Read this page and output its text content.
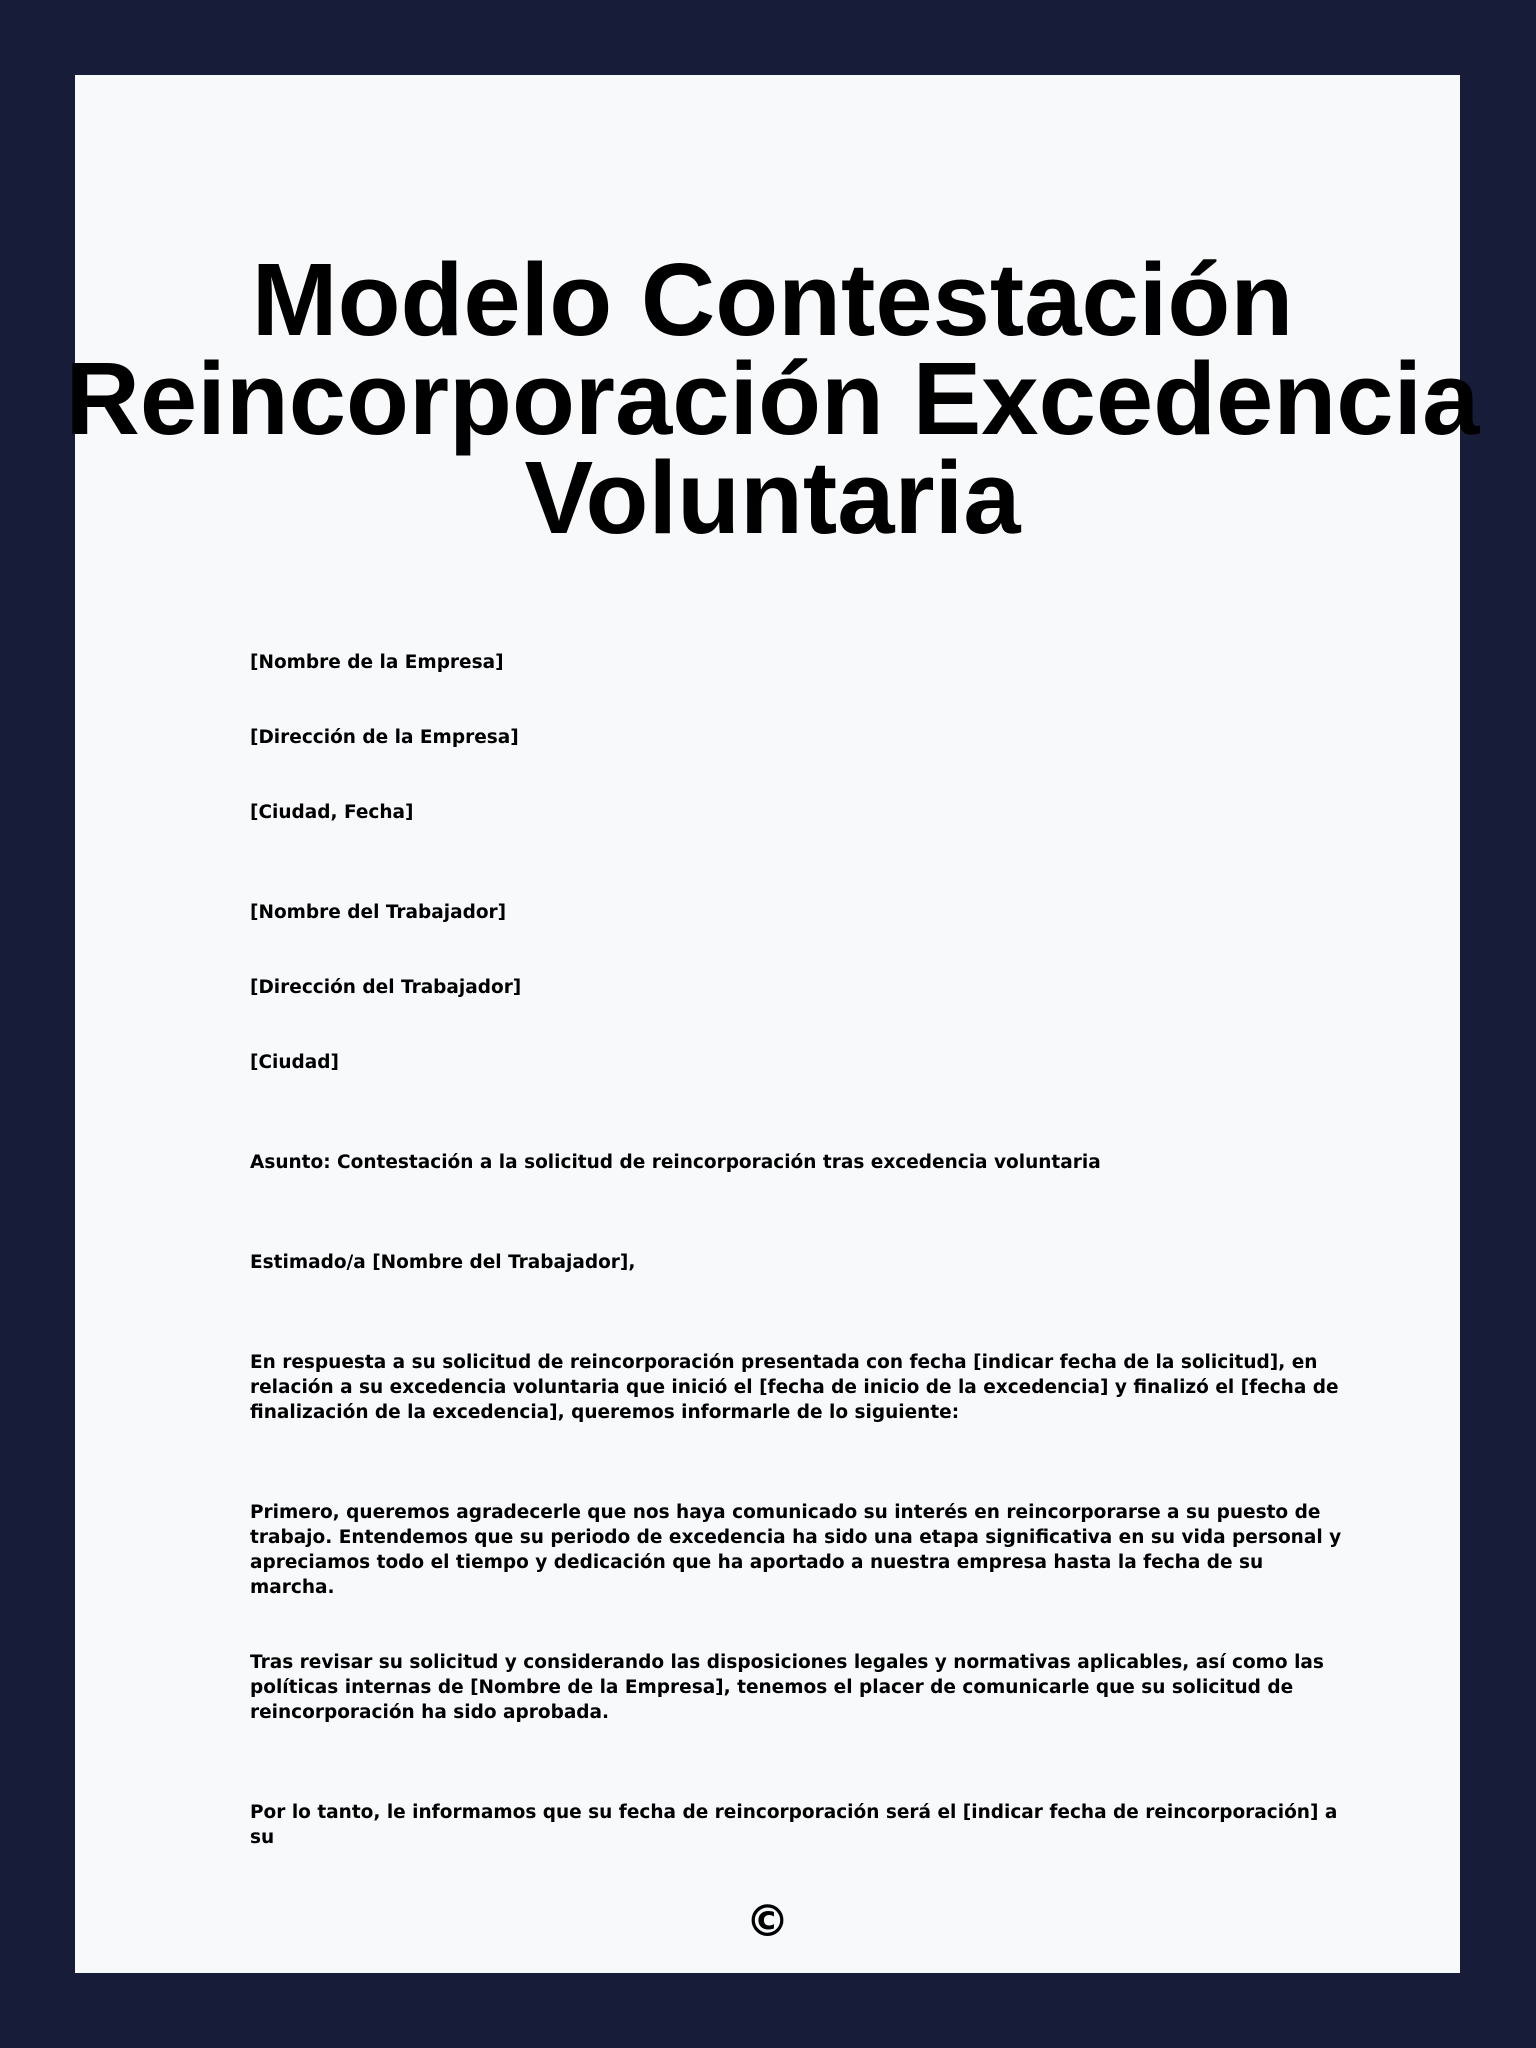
Modelo Contestación Reincorporación Excedencia Voluntaria

[Nombre de la Empresa]

[Dirección de la Empresa]

[Ciudad, Fecha]

[Nombre del Trabajador]

[Dirección del Trabajador]

[Ciudad]

Asunto: Contestación a la solicitud de reincorporación tras excedencia voluntaria

Estimado/a [Nombre del Trabajador],

En respuesta a su solicitud de reincorporación presentada con fecha [indicar fecha de la solicitud], en relación a su excedencia voluntaria que inició el [fecha de inicio de la excedencia] y finalizó el [fecha de finalización de la excedencia], queremos informarle de lo siguiente:

Primero, queremos agradecerle que nos haya comunicado su interés en reincorporarse a su puesto de trabajo. Entendemos que su periodo de excedencia ha sido una etapa significativa en su vida personal y apreciamos todo el tiempo y dedicación que ha aportado a nuestra empresa hasta la fecha de su marcha.

Tras revisar su solicitud y considerando las disposiciones legales y normativas aplicables, así como las políticas internas de [Nombre de la Empresa], tenemos el placer de comunicarle que su solicitud de reincorporación ha sido aprobada.

Por lo tanto, le informamos que su fecha de reincorporación será el [indicar fecha de reincorporación] a su

©
